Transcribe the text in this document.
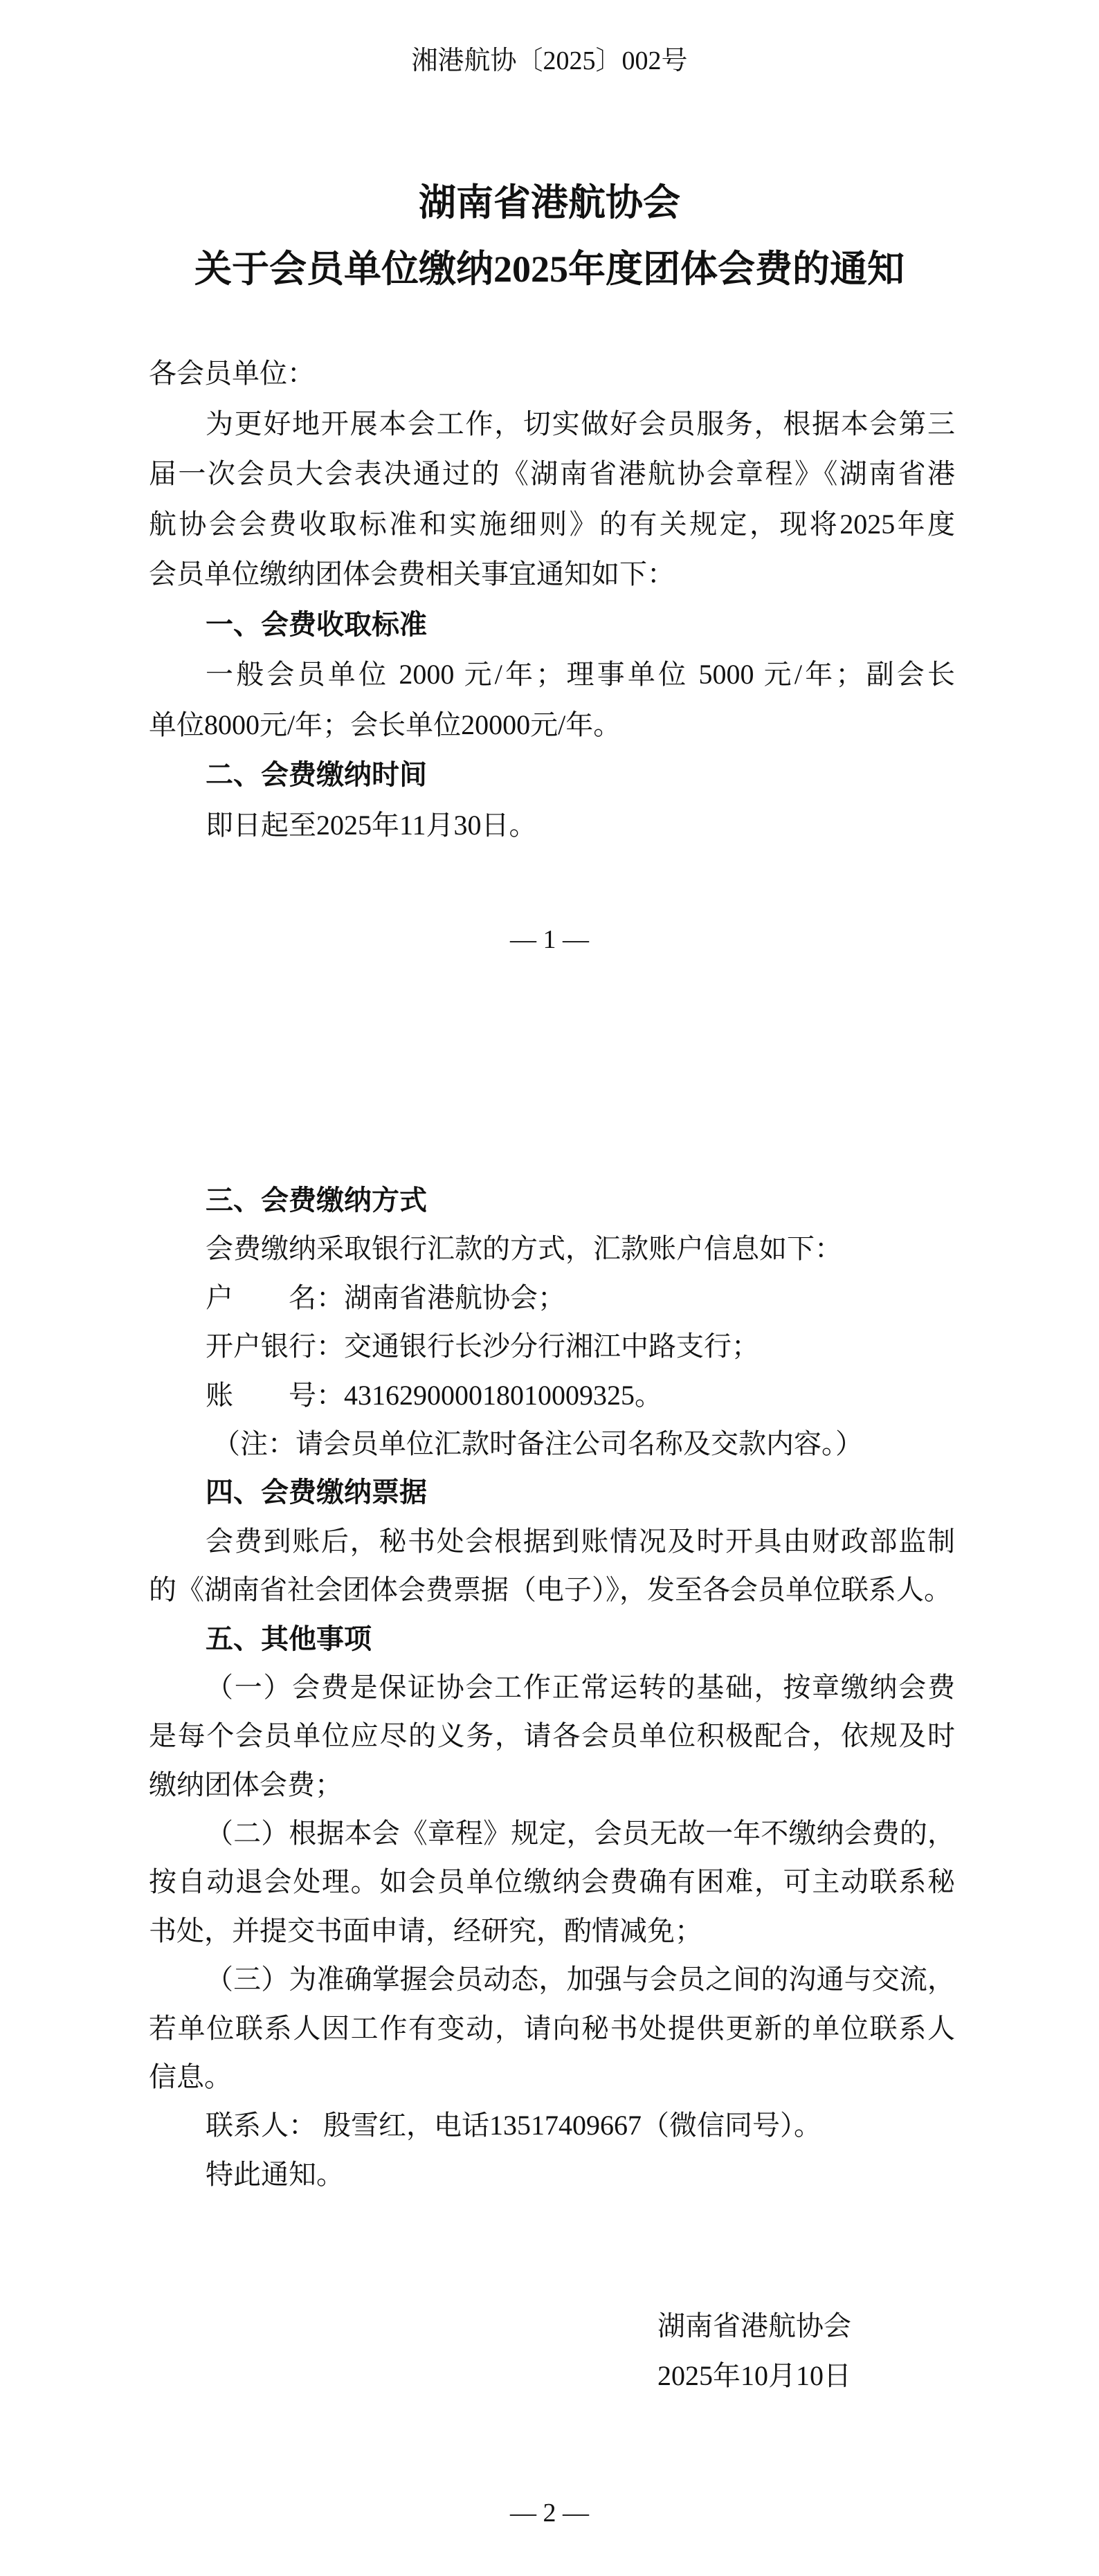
湘港航协〔2025〕002号
湖南省港航协会
关于会员单位缴纳2025年度团体会费的通知
各会员单位：
为更好地开展本会工作，切实做好会员服务，根据本会第三
届一次会员大会表决通过的《湖南省港航协会章程》《湖南省港
航协会会费收取标准和实施细则》的有关规定，现将2025年度
会员单位缴纳团体会费相关事宜通知如下：
一、会费收取标准
一般会员单位 2000 元/年；理事单位 5000 元/年；副会长
单位8000元/年；会长单位20000元/年。
二、会费缴纳时间
即日起至2025年11月30日。
— 1 —
三、会费缴纳方式
会费缴纳采取银行汇款的方式，汇款账户信息如下：
户　　名：湖南省港航协会；
开户银行：交通银行长沙分行湘江中路支行；
账　　号：431629000018010009325。
（注：请会员单位汇款时备注公司名称及交款内容。）
四、会费缴纳票据
会费到账后，秘书处会根据到账情况及时开具由财政部监制
的《湖南省社会团体会费票据（电子）》，发至各会员单位联系人。
五、其他事项
（一）会费是保证协会工作正常运转的基础，按章缴纳会费
是每个会员单位应尽的义务，请各会员单位积极配合，依规及时
缴纳团体会费；
（二）根据本会《章程》规定，会员无故一年不缴纳会费的，
按自动退会处理。如会员单位缴纳会费确有困难，可主动联系秘
书处，并提交书面申请，经研究，酌情减免；
（三）为准确掌握会员动态，加强与会员之间的沟通与交流，
若单位联系人因工作有变动，请向秘书处提供更新的单位联系人
信息。
联系人： 殷雪红，电话13517409667（微信同号）。
特此通知。
湖南省港航协会
2025年10月10日
— 2 —
